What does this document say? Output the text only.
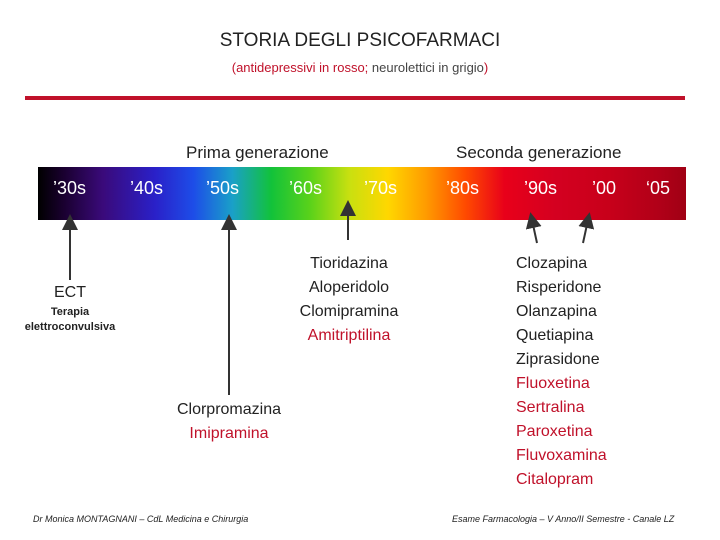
STORIA DEGLI PSICOFARMACI
(antidepressivi in rosso; neurolettici in grigio)
Prima generazione	Seconda generazione
’30s ’40s ’50s	’60s ’70s	’80s ’90s ’00 ‘05
ECT
Terapia
elettroconvulsiva
Clorpromazina
Imipramina
Tioridazina
Aloperidolo
Clomipramina
Amitriptilina
Clozapina
Risperidone
Olanzapina
Quetiapina
Ziprasidone
Fluoxetina
Sertralina
Paroxetina
Fluvoxamina
Citalopram
Dr Monica MONTAGNANI – CdL Medicina e Chirurgia	Esame Farmacologia – V Anno/II Semestre - Canale LZ
